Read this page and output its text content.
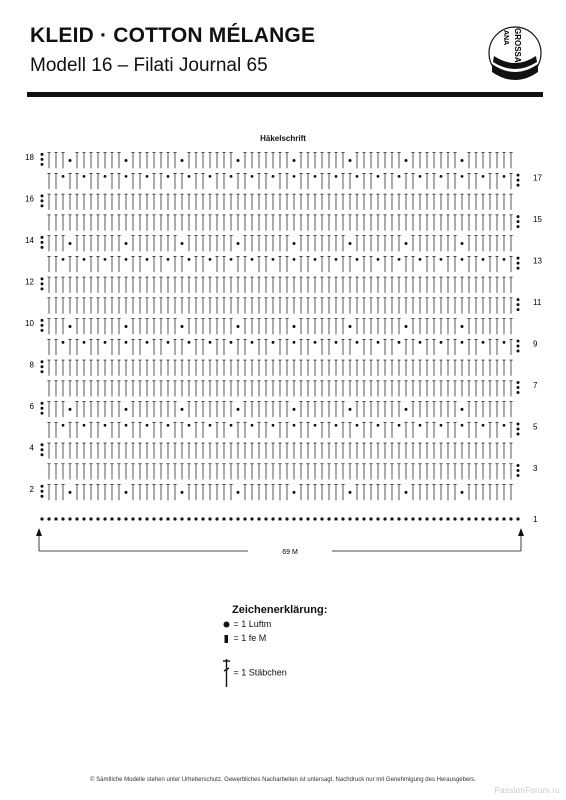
KLEID · COTTON MÉLANGE
Modell 16 – Filati Journal 65
ANA GROSSA
Häkelschrift
2
4
6
8
10
12
14
16
18
1
3
5
7
9
11
13
15
17
69 M
Zeichenerklärung:
= 1 Luftm
= 1 fe M
= 1 Stäbchen
© Sämtliche Modelle stehen unter Urheberschutz. Gewerbliches Nacharbeiten ist untersagt. Nachdruck nur mit Genehmigung des Herausgebers.
PassionForum.ru
